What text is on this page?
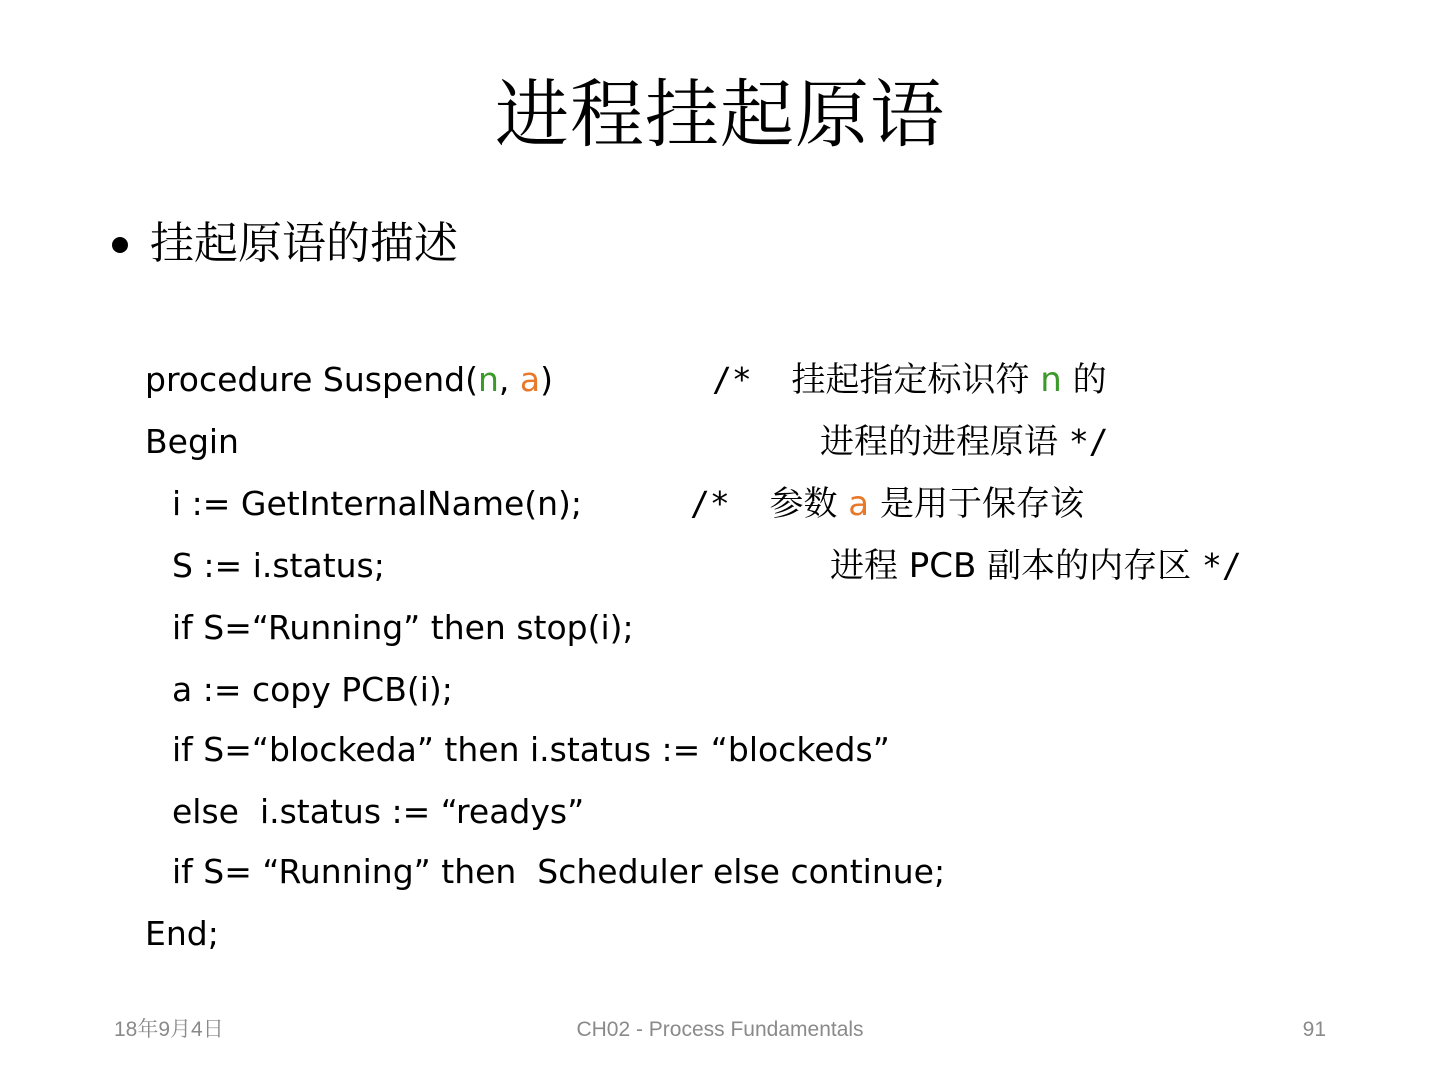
进程挂起原语
挂起原语的描述
procedure Suspend(n, a)
Begin
i := GetInternalName(n);
S := i.status;
if S=“Running” then stop(i);
a := copy PCB(i);
if S=“blockeda” then i.status := “blockeds”
else  i.status := “readys”
if S= “Running” then  Scheduler else continue;
End;
/*  挂起指定标识符 n 的
进程的进程原语 */
/*  参数 a 是用于保存该
进程 PCB 副本的内存区 */
18年9月4日	CH02 - Process Fundamentals	91
